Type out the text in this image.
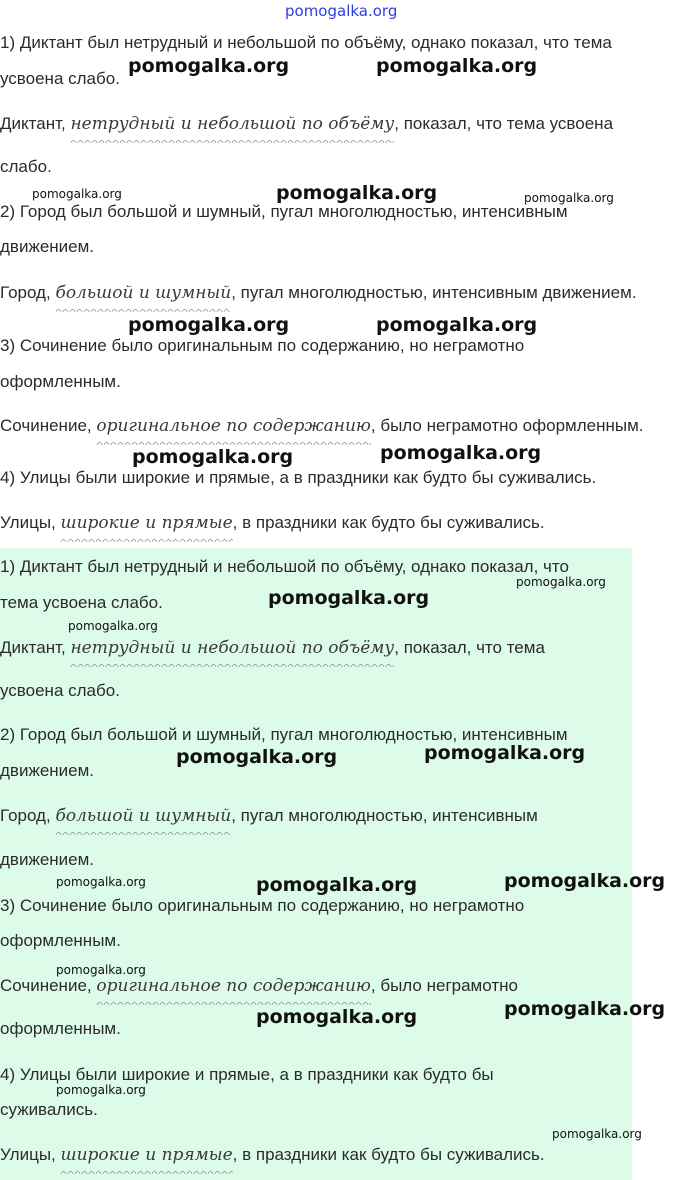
pomogalka.org

1) Диктант был нетрудный и небольшой по объёму, однако показал, что тема

усвоена слабо.

Диктант, нетрудный и небольшой по объёму, показал, что тема усвоена

слабо.

2) Город был большой и шумный, пугал многолюдностью, интенсивным

движением.

Город, большой и шумный, пугал многолюдностью, интенсивным движением.

3) Сочинение было оригинальным по содержанию, но неграмотно

оформленным.

Сочинение, оригинальное по содержанию, было неграмотно оформленным.

4) Улицы были широкие и прямые, а в праздники как будто бы суживались.

Улицы, широкие и прямые, в праздники как будто бы суживались.

1) Диктант был нетрудный и небольшой по объёму, однако показал, что

тема усвоена слабо.

Диктант, нетрудный и небольшой по объёму, показал, что тема

усвоена слабо.

2) Город был большой и шумный, пугал многолюдностью, интенсивным

движением.

Город, большой и шумный, пугал многолюдностью, интенсивным

движением.

3) Сочинение было оригинальным по содержанию, но неграмотно

оформленным.

Сочинение, оригинальное по содержанию, было неграмотно

оформленным.

4) Улицы были широкие и прямые, а в праздники как будто бы

суживались.

Улицы, широкие и прямые, в праздники как будто бы суживались.

pomogalka.org	pomogalka.org
pomogalka.org	pomogalka.org	pomogalka.org
pomogalka.org	pomogalka.org
pomogalka.org	pomogalka.org
pomogalka.org
pomogalka.org
pomogalka.org
pomogalka.org	pomogalka.org
pomogalka.org	pomogalka.org	pomogalka.org
pomogalka.org
pomogalka.org	pomogalka.org
pomogalka.org
pomogalka.org
